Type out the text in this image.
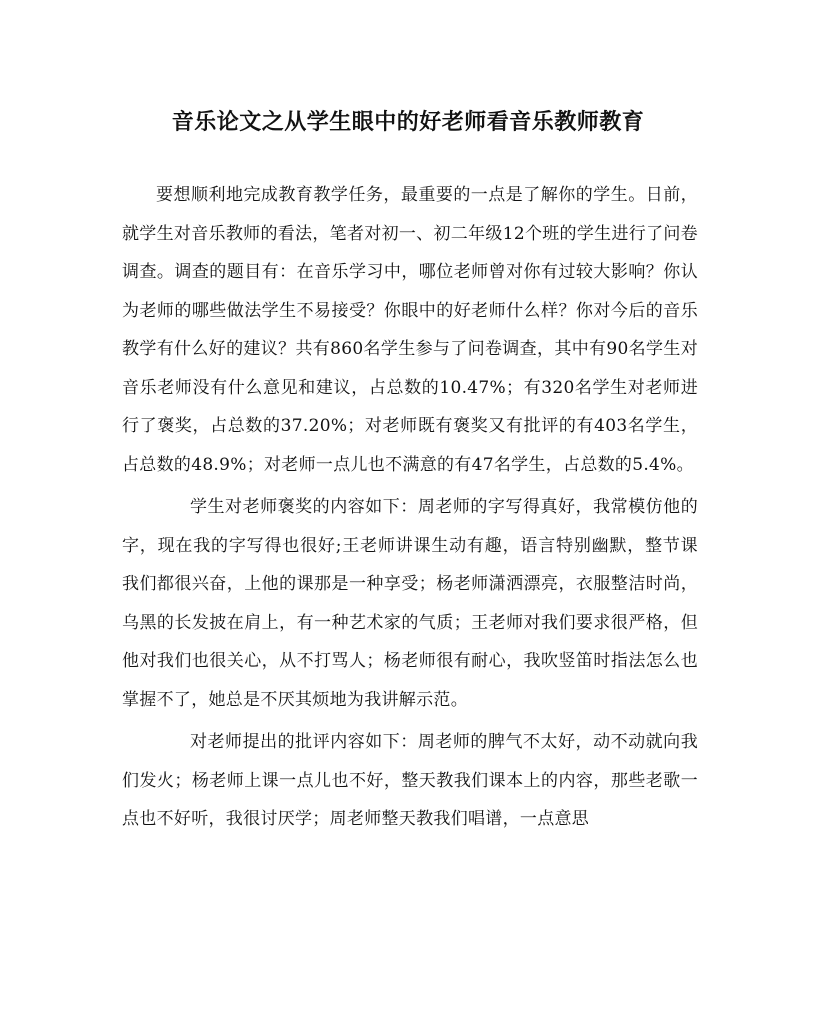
音乐论文之从学生眼中的好老师看音乐教师教育

要想顺利地完成教育教学任务，最重要的一点是了解你的学生。日前，就学生对音乐教师的看法，笔者对初一、初二年级12个班的学生进行了问卷调查。调查的题目有：在音乐学习中，哪位老师曾对你有过较大影响？你认为老师的哪些做法学生不易接受？你眼中的好老师什么样？你对今后的音乐教学有什么好的建议？共有860名学生参与了问卷调查，其中有90名学生对音乐老师没有什么意见和建议，占总数的10.47%；有320名学生对老师进行了褒奖，占总数的37.20%；对老师既有褒奖又有批评的有403名学生，占总数的48.9%；对老师一点儿也不满意的有47名学生，占总数的5.4%。

学生对老师褒奖的内容如下：周老师的字写得真好，我常模仿他的字，现在我的字写得也很好;王老师讲课生动有趣，语言特别幽默，整节课我们都很兴奋，上他的课那是一种享受；杨老师潇洒漂亮，衣服整洁时尚，乌黑的长发披在肩上，有一种艺术家的气质；王老师对我们要求很严格，但他对我们也很关心，从不打骂人；杨老师很有耐心，我吹竖笛时指法怎么也掌握不了，她总是不厌其烦地为我讲解示范。

对老师提出的批评内容如下：周老师的脾气不太好，动不动就向我们发火；杨老师上课一点儿也不好，整天教我们课本上的内容，那些老歌一点也不好听，我很讨厌学；周老师整天教我们唱谱，一点意思
